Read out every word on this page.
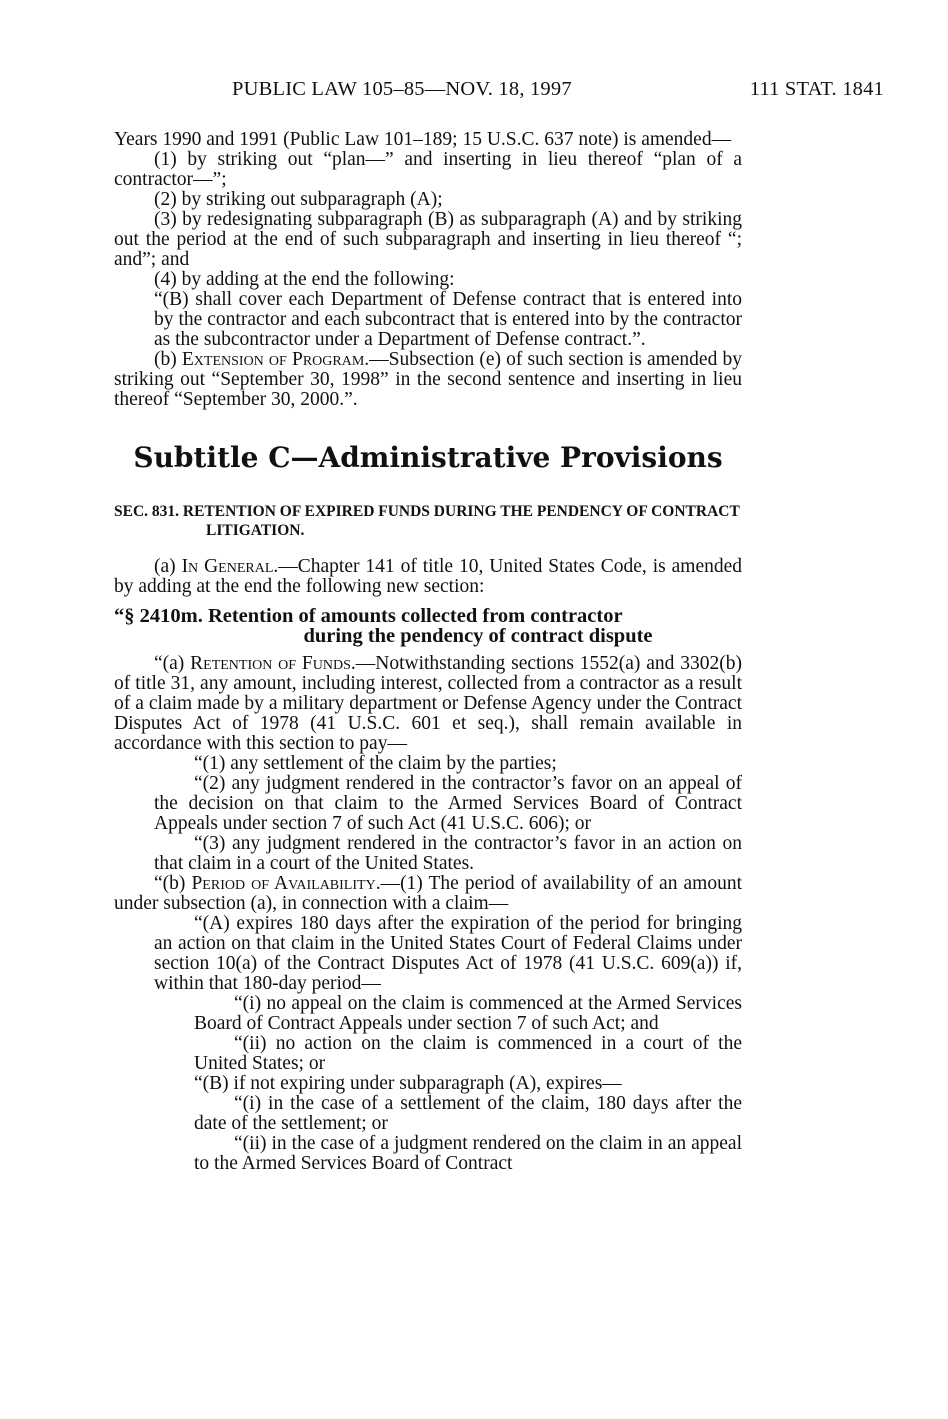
PUBLIC LAW 105–85—NOV. 18, 1997	111 STAT. 1841

Years 1990 and 1991 (Public Law 101–189; 15 U.S.C. 637 note) is amended—

(1) by striking out “plan—” and inserting in lieu thereof “plan of a contractor—”;

(2) by striking out subparagraph (A);

(3) by redesignating subparagraph (B) as subparagraph (A) and by striking out the period at the end of such subparagraph and inserting in lieu thereof “; and”; and

(4) by adding at the end the following:

“(B) shall cover each Department of Defense contract that is entered into by the contractor and each subcontract that is entered into by the contractor as the subcontractor under a Department of Defense contract.”.

(b) Extension of Program.—Subsection (e) of such section is amended by striking out “September 30, 1998” in the second sentence and inserting in lieu thereof “September 30, 2000.”.

Subtitle C—Administrative Provisions
SEC. 831. RETENTION OF EXPIRED FUNDS DURING THE PENDENCY OF CONTRACT LITIGATION.

(a) In General.—Chapter 141 of title 10, United States Code, is amended by adding at the end the following new section:

“§ 2410m. Retention of amounts collected from contractor
during the pendency of contract dispute

“(a) Retention of Funds.—Notwithstanding sections 1552(a) and 3302(b) of title 31, any amount, including interest, collected from a contractor as a result of a claim made by a military department or Defense Agency under the Contract Disputes Act of 1978 (41 U.S.C. 601 et seq.), shall remain available in accordance with this section to pay—

“(1) any settlement of the claim by the parties;

“(2) any judgment rendered in the contractor’s favor on an appeal of the decision on that claim to the Armed Services Board of Contract Appeals under section 7 of such Act (41 U.S.C. 606); or

“(3) any judgment rendered in the contractor’s favor in an action on that claim in a court of the United States.

“(b) Period of Availability.—(1) The period of availability of an amount under subsection (a), in connection with a claim—

“(A) expires 180 days after the expiration of the period for bringing an action on that claim in the United States Court of Federal Claims under section 10(a) of the Contract Disputes Act of 1978 (41 U.S.C. 609(a)) if, within that 180-day period—

“(i) no appeal on the claim is commenced at the Armed Services Board of Contract Appeals under section 7 of such Act; and

“(ii) no action on the claim is commenced in a court of the United States; or

“(B) if not expiring under subparagraph (A), expires—

“(i) in the case of a settlement of the claim, 180 days after the date of the settlement; or

“(ii) in the case of a judgment rendered on the claim in an appeal to the Armed Services Board of Contract
